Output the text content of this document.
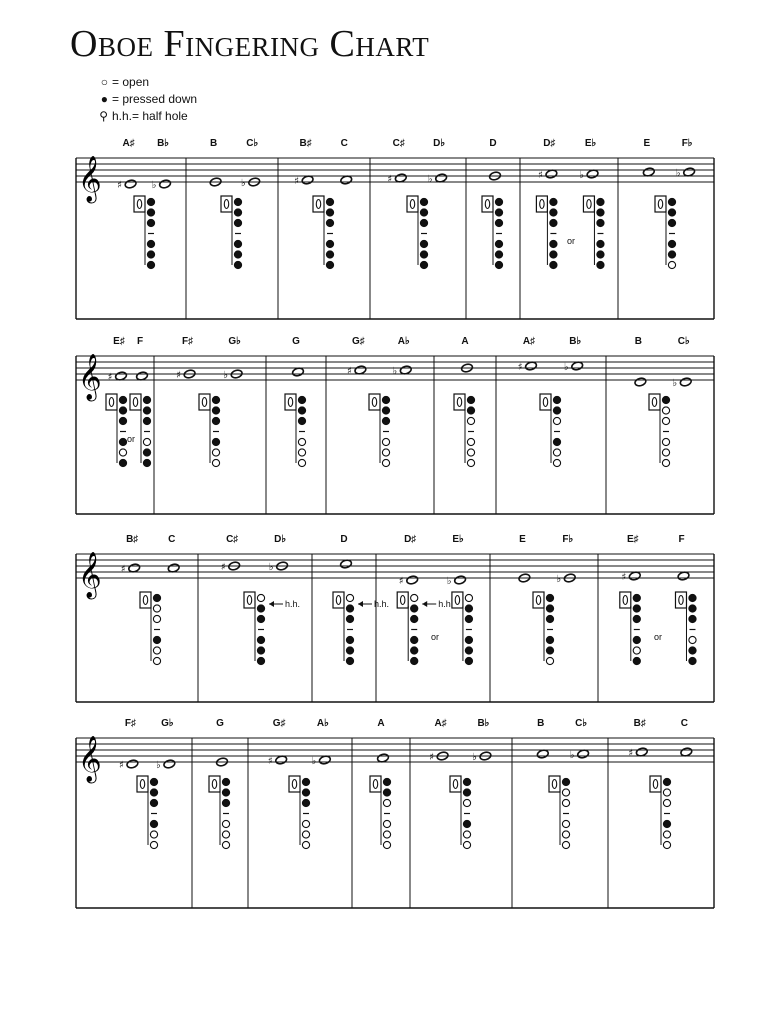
Oboe Fingering Chart
○ = open
● = pressed down
⚲ h.h.= half hole
𝄞
A♯
♯
B♭
♭
B	C♭
♭
B♯
♯
C	C♯
♯
D♭
♭
D	D♯
♯
E♭
♭
or
E	F♭
♭
𝄞
E♯
♯
F
or
F♯
♯
G♭
♭
G	G♯
♯
A♭
♭
A	A♯
♯
B♭
♭
B	C♭
♭
𝄞
B♯
♯
C	C♯
♯
D♭
♭
h.h.
D
h.h.
D♯
♯
E♭
♭
or
h.h.
E	F♭
♭
E♯
♯
F
or
𝄞
F♯
♯
G♭
♭
G	G♯
♯
A♭
♭
A	A♯
♯
B♭
♭
B	C♭
♭
B♯
♯
C
